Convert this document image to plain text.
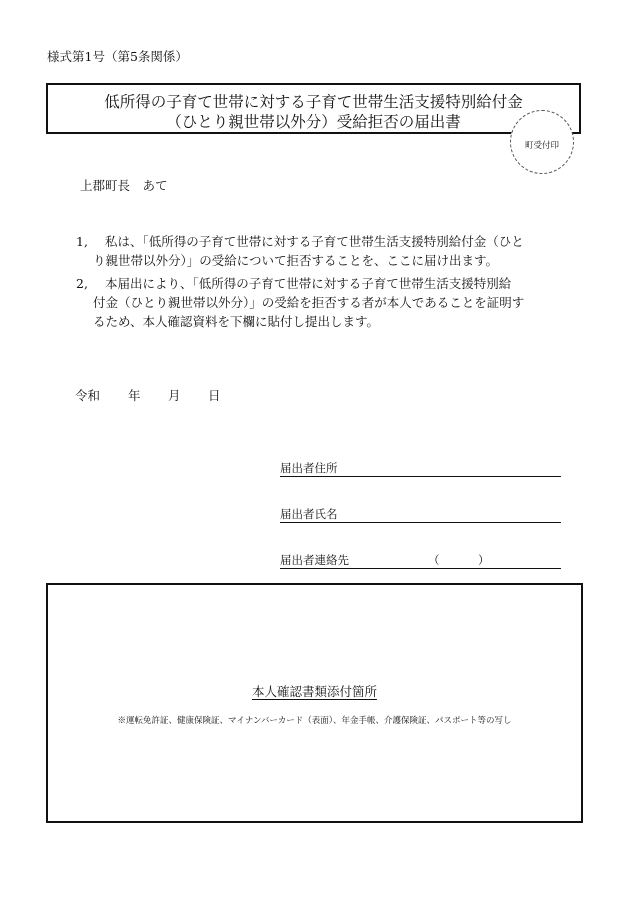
様式第1号（第5条関係）
低所得の子育て世帯に対する子育て世帯生活支援特別給付金
（ひとり親世帯以外分）受給拒否の届出書
町受付印
上郡町長　あて
1, 私は、「低所得の子育て世帯に対する子育て世帯生活支援特別給付金（ひと
り親世帯以外分）」の受給について拒否することを、ここに届け出ます。
2, 本届出により、「低所得の子育て世帯に対する子育て世帯生活支援特別給
付金（ひとり親世帯以外分）」の受給を拒否する者が本人であることを証明す
るため、本人確認資料を下欄に貼付し提出します。
令和 年 月 日
届出者住所
届出者氏名
届出者連絡先	（	）
本人確認書類添付箇所
※運転免許証、健康保険証、マイナンバーカード（表面）、年金手帳、介護保険証、パスポート等の写し
